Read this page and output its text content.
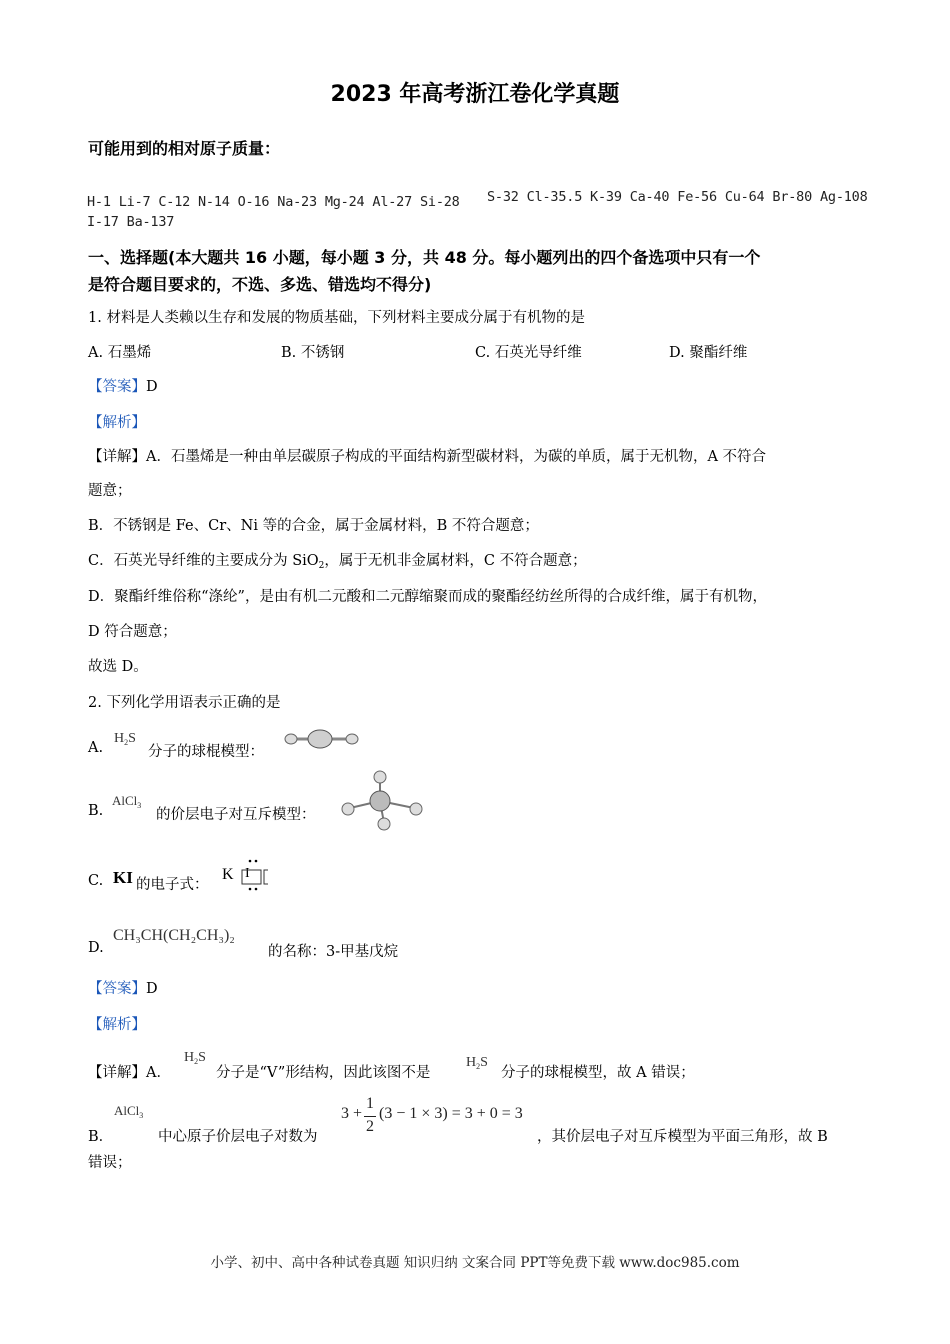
2023 年高考浙江卷化学真题
可能用到的相对原子质量：
H-1 Li-7 C-12 N-14 O-16 Na-23 Mg-24 Al-27 Si-28 S-32 Cl-35.5 K-39 Ca-40 Fe-56 Cu-64 Br-80 Ag-108
I-17 Ba-137
一、选择题(本大题共 16 小题，每小题 3 分，共 48 分。每小题列出的四个备选项中只有一个
是符合题目要求的，不选、多选、错选均不得分)
1. 材料是人类赖以生存和发展的物质基础，下列材料主要成分属于有机物的是
A. 石墨烯	B. 不锈钢	C. 石英光导纤维	D. 聚酯纤维
【答案】D
【解析】
【详解】A．石墨烯是一种由单层碳原子构成的平面结构新型碳材料，为碳的单质，属于无机物，A 不符合
题意；
B．不锈钢是 Fe、Cr、Ni 等的合金，属于金属材料，B 不符合题意；
C．石英光导纤维的主要成分为 SiO$_2$，属于无机非金属材料，C 不符合题意；
D．聚酯纤维俗称“涤纶”，是由有机二元酸和二元醇缩聚而成的聚酯经纺丝所得的合成纤维，属于有机物，
D 符合题意；
故选 D。
2. 下列化学用语表示正确的是
A.
$H_2S$
分子的球棍模型：
B.
AlCl$_3$
的价层电子对互斥模型：
C. KI 的电子式：
K I
D.
CH₃CH(CH₂CH₃)₂
的名称：3-甲基戊烷
【答案】D
【解析】
【详解】A．
$H_2S$
分子是“V”形结构，因此该图不是
$H_2S$
分子的球棍模型，故 A 错误；
B．
AlCl$_3$
中心原子价层电子对数为
3 +
1
2
(3 − 1 × 3) = 3 + 0 = 3
，其价层电子对互斥模型为平面三角形，故 B
错误；
小学、初中、高中各种试卷真题 知识归纳 文案合同 PPT等免费下载 www.doc985.com
